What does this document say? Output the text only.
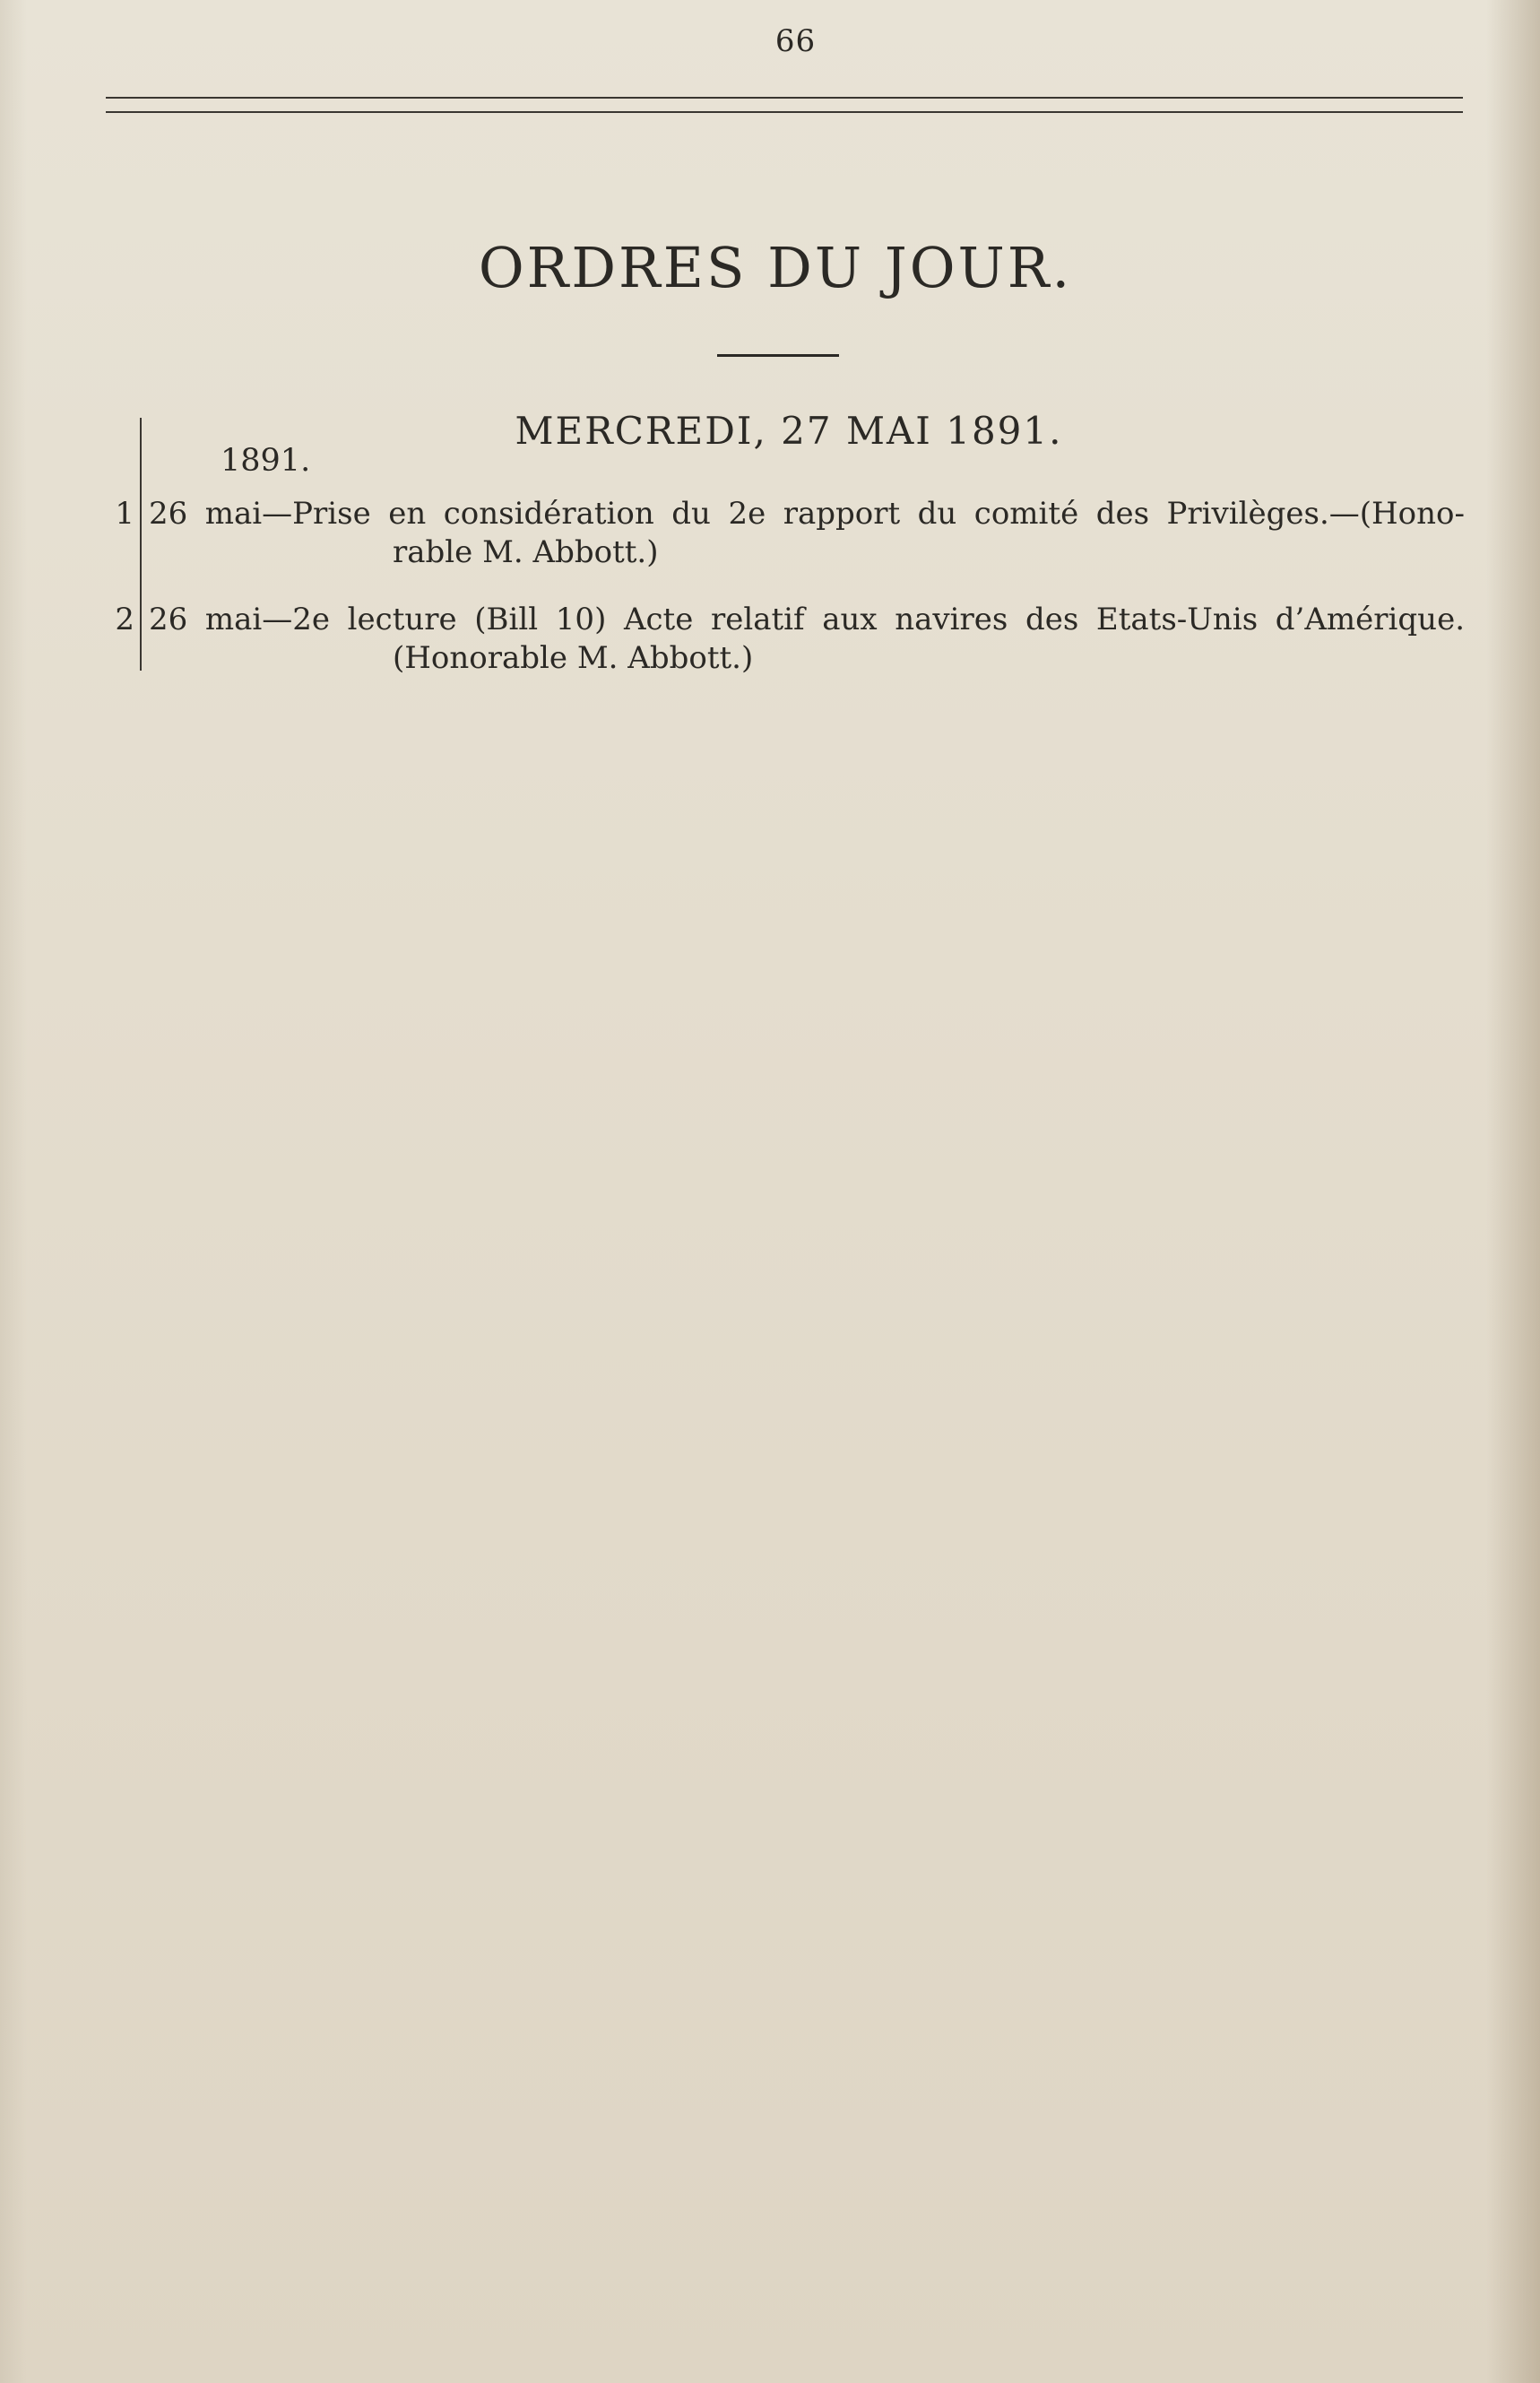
66
ORDRES DU JOUR.
MERCREDI, 27 MAI 1891.
1891.
1 26 mai—Prise en considération du 2e rapport du comité des Privilèges.—(Hono-
rable M. Abbott.)
2 26 mai—2e lecture (Bill 10) Acte relatif aux navires des Etats-Unis d’Amérique.
(Honorable M. Abbott.)
